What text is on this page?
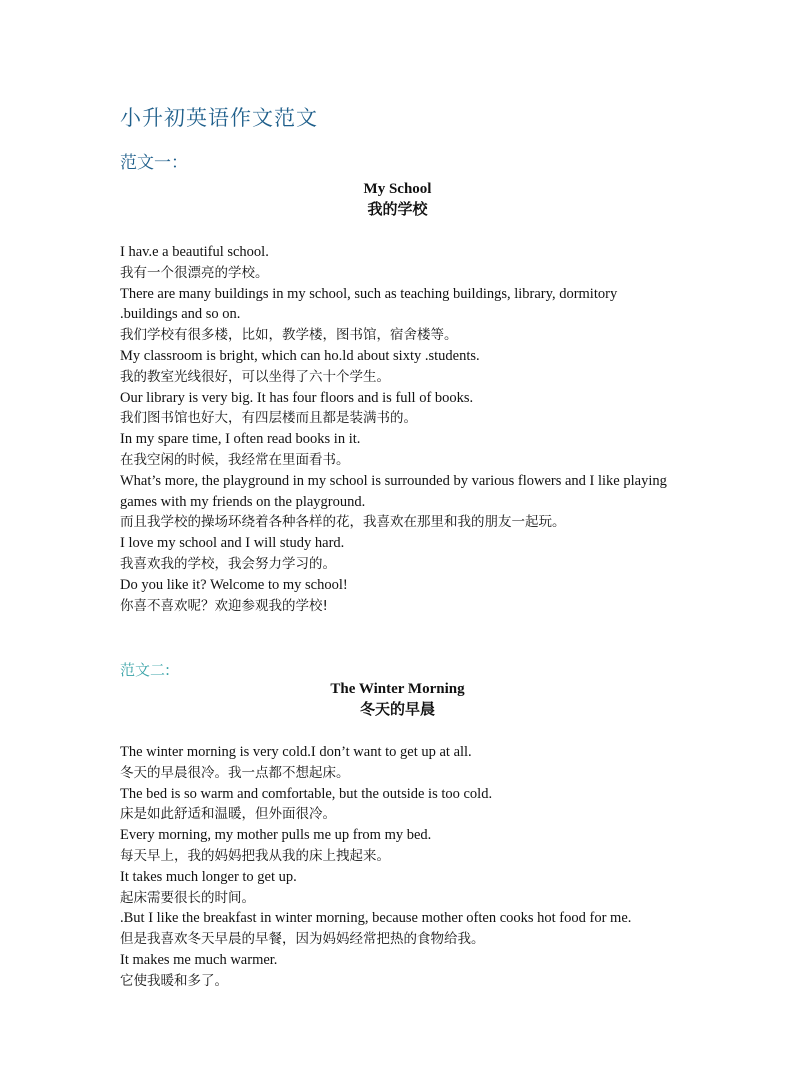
小升初英语作文范文
范文一：
My School
我的学校
I hav.e a beautiful school.
我有一个很漂亮的学校。
There are many buildings in my school, such as teaching buildings, library, dormitory .buildings and so on.
我们学校有很多楼，比如，教学楼，图书馆，宿舍楼等。
My classroom is bright, which can ho.ld about sixty .students.
我的教室光线很好，可以坐得了六十个学生。
Our library is very big. It has four floors and is full of books.
我们图书馆也好大，有四层楼而且都是装满书的。
In my spare time, I often read books in it.
在我空闲的时候，我经常在里面看书。
What’s more, the playground in my school is surrounded by various flowers and I like playing games with my friends on the playground.
而且我学校的操场环绕着各种各样的花，我喜欢在那里和我的朋友一起玩。
I love my school and I will study hard.
我喜欢我的学校，我会努力学习的。
Do you like it? Welcome to my school!
你喜不喜欢呢？欢迎参观我的学校!
范文二:
The Winter Morning
冬天的早晨
The winter morning is very cold.I don’t want to get up at all.
冬天的早晨很冷。我一点都不想起床。
The bed is so warm and comfortable, but the outside is too cold.
床是如此舒适和温暖，但外面很冷。
Every morning, my mother pulls me up from my bed.
每天早上，我的妈妈把我从我的床上拽起来。
It takes much longer to get up.
起床需要很长的时间。
.But I like the breakfast in winter morning, because mother often cooks hot food for me.
但是我喜欢冬天早晨的早餐，因为妈妈经常把热的食物给我。
It makes me much warmer.
它使我暖和多了。
